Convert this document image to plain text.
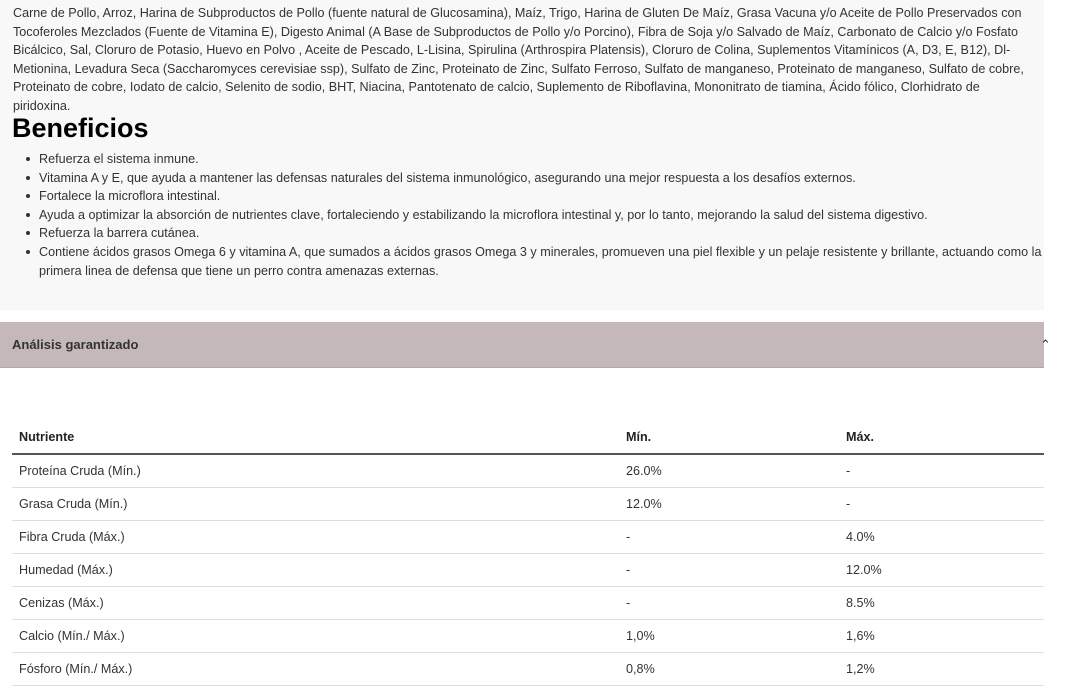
Carne de Pollo, Arroz, Harina de Subproductos de Pollo (fuente natural de Glucosamina), Maíz, Trigo, Harina de Gluten De Maíz, Grasa Vacuna y/o Aceite de Pollo Preservados con Tocoferoles Mezclados (Fuente de Vitamina E), Digesto Animal (A Base de Subproductos de Pollo y/o Porcino), Fibra de Soja y/o Salvado de Maíz, Carbonato de Calcio y/o Fosfato Bicálcico, Sal, Cloruro de Potasio, Huevo en Polvo , Aceite de Pescado, L-Lisina, Spirulina (Arthrospira Platensis), Cloruro de Colina, Suplementos Vitamínicos (A, D3, E, B12), Dl-Metionina, Levadura Seca (Saccharomyces cerevisiae ssp), Sulfato de Zinc, Proteinato de Zinc, Sulfato Ferroso, Sulfato de manganeso, Proteinato de manganeso, Sulfato de cobre, Proteinato de cobre, Iodato de calcio, Selenito de sodio, BHT, Niacina, Pantotenato de calcio, Suplemento de Riboflavina, Mononitrato de tiamina, Ácido fólico, Clorhidrato de piridoxina.

Beneficios
Refuerza el sistema inmune.
Vitamina A y E, que ayuda a mantener las defensas naturales del sistema inmunológico, asegurando una mejor respuesta a los desafíos externos.
Fortalece la microflora intestinal.
Ayuda a optimizar la absorción de nutrientes clave, fortaleciendo y estabilizando la microflora intestinal y, por lo tanto, mejorando la salud del sistema digestivo.
Refuerza la barrera cutánea.
Contiene ácidos grasos Omega 6 y vitamina A, que sumados a ácidos grasos Omega 3 y minerales, promueven una piel flexible y un pelaje resistente y brillante, actuando como la primera linea de defensa que tiene un perro contra amenazas externas.
Análisis garantizado	⌃
Nutriente	Mín.	Máx.
Proteína Cruda (Mín.)	26.0%	-
Grasa Cruda (Mín.)	12.0%	-
Fibra Cruda (Máx.)	-	4.0%
Humedad (Máx.)	-	12.0%
Cenizas (Máx.)	-	8.5%
Calcio (Mín./ Máx.)	1,0%	1,6%
Fósforo (Mín./ Máx.)	0,8%	1,2%
